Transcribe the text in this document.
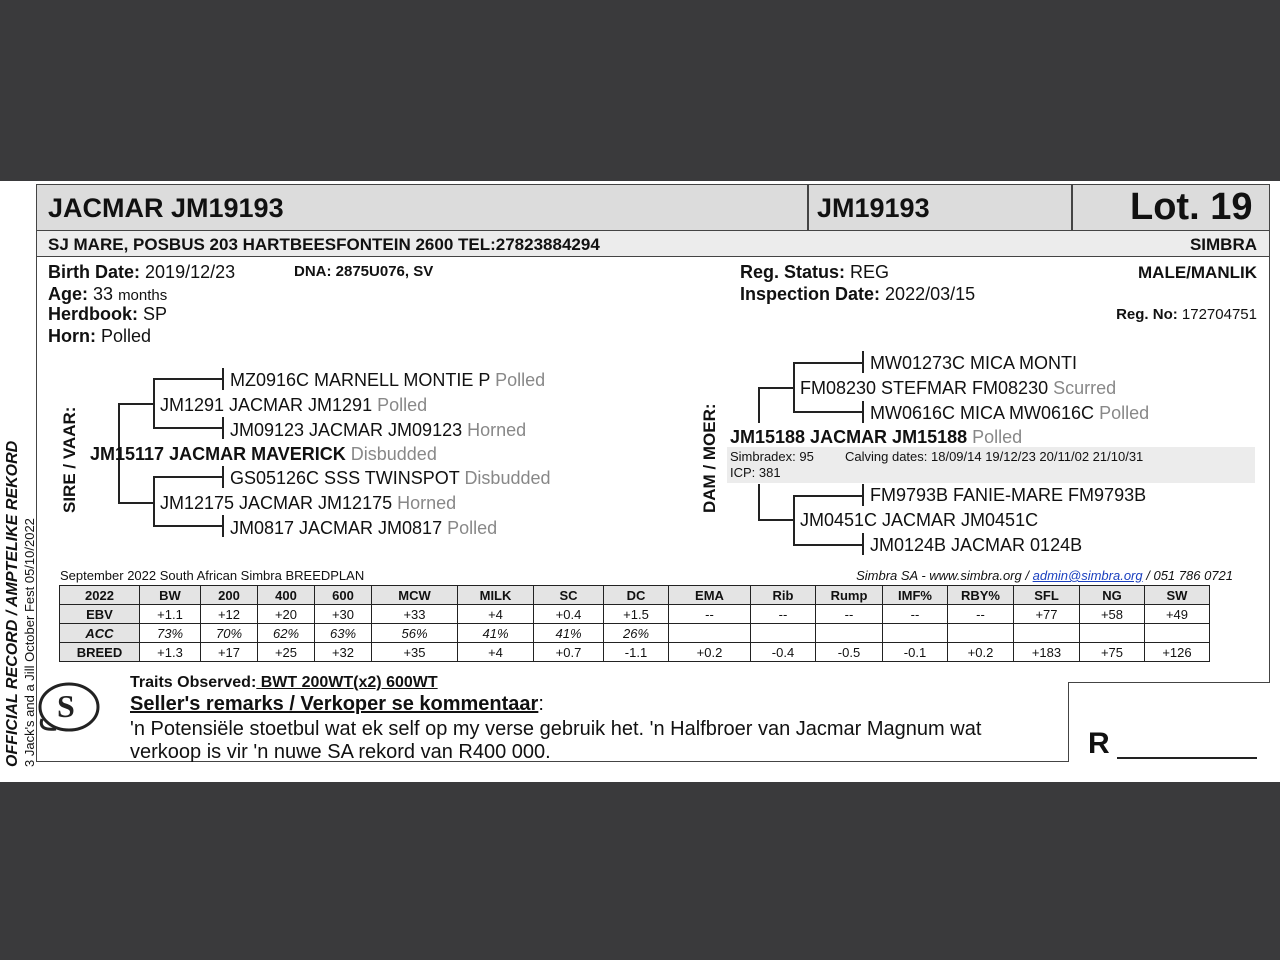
OFFICIAL RECORD / AMPTELIKE REKORD 3 Jack's and a Jill October Fest 05/10/2022
JACMAR JM19193	JM19193	Lot. 19
SJ MARE, POSBUS 203 HARTBEESFONTEIN 2600 TEL:27823884294	SIMBRA
Birth Date: 2019/12/23	DNA: 2875U076, SV
Age: 33 months
Herdbook: SP
Horn: Polled
Reg. Status: REG	MALE/MANLIK
Inspection Date: 2022/03/15
Reg. No: 172704751
SIRE / VAAR:
MZ0916C MARNELL MONTIE P Polled
JM1291 JACMAR JM1291 Polled
JM09123 JACMAR JM09123 Horned
JM15117 JACMAR MAVERICK Disbudded
GS05126C SSS TWINSPOT Disbudded
JM12175 JACMAR JM12175 Horned
JM0817 JACMAR JM0817 Polled
DAM / MOER:
MW01273C MICA MONTI
FM08230 STEFMAR FM08230 Scurred
MW0616C MICA MW0616C Polled
JM15188 JACMAR JM15188 Polled
Simbradex: 95 Calving dates: 18/09/14 19/12/23 20/11/02 21/10/31
ICP: 381
FM9793B FANIE-MARE FM9793B
JM0451C JACMAR JM0451C
JM0124B JACMAR 0124B
September 2022 South African Simbra BREEDPLAN	Simbra SA - www.simbra.org / admin@simbra.org / 051 786 0721
2022	BW	200	400	600	MCW	MILK	SC	DC	EMA	Rib	Rump	IMF%	RBY%	SFL	NG	SW
EBV	+1.1	+12	+20	+30	+33	+4	+0.4	+1.5	--	--	--	--	--	+77	+58	+49
ACC	73%	70%	62%	63%	56%	41%	41%	26%								
BREED	+1.3	+17	+25	+32	+35	+4	+0.7	-1.1	+0.2	-0.4	-0.5	-0.1	+0.2	+183	+75	+126
S
Traits Observed: BWT 200WT(x2) 600WT
Seller's remarks / Verkoper se kommentaar:
'n Potensiële stoetbul wat ek self op my verse gebruik het. 'n Halfbroer van Jacmar Magnum wat
verkoop is vir 'n nuwe SA rekord van R400 000.	R
